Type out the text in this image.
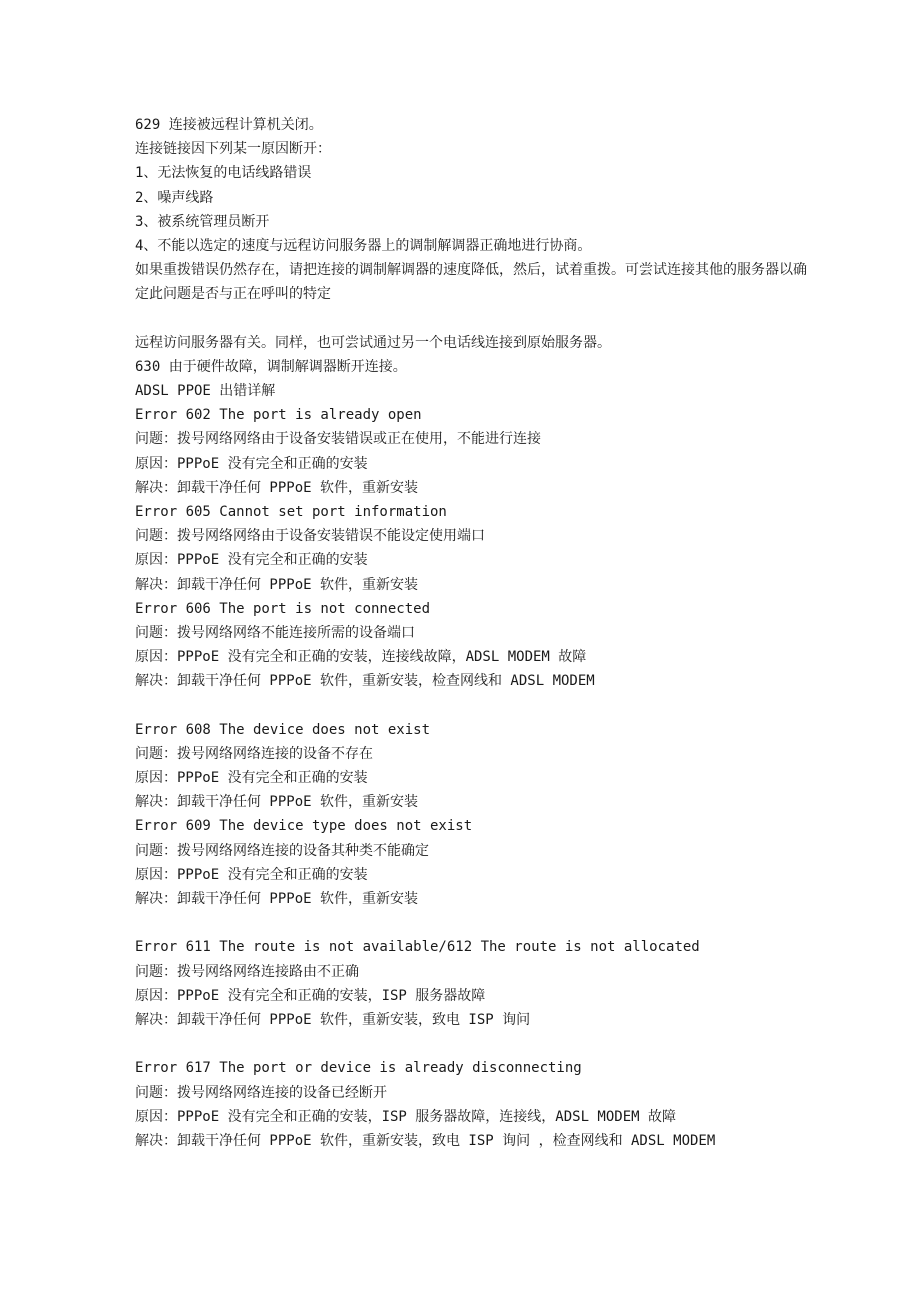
629 连接被远程计算机关闭。
连接链接因下列某一原因断开：
1、无法恢复的电话线路错误
2、噪声线路
3、被系统管理员断开
4、不能以选定的速度与远程访问服务器上的调制解调器正确地进行协商。
如果重拨错误仍然存在，请把连接的调制解调器的速度降低，然后，试着重拨。可尝试连接其他的服务器以确定此问题是否与正在呼叫的特定
远程访问服务器有关。同样，也可尝试通过另一个电话线连接到原始服务器。
630 由于硬件故障，调制解调器断开连接。
ADSL PPOE 出错详解
Error 602 The port is already open
问题：拨号网络网络由于设备安装错误或正在使用，不能进行连接
原因：PPPoE 没有完全和正确的安装
解决：卸载干净任何 PPPoE 软件，重新安装
Error 605 Cannot set port information
问题：拨号网络网络由于设备安装错误不能设定使用端口
原因：PPPoE 没有完全和正确的安装
解决：卸载干净任何 PPPoE 软件，重新安装
Error 606 The port is not connected
问题：拨号网络网络不能连接所需的设备端口
原因：PPPoE 没有完全和正确的安装，连接线故障，ADSL MODEM 故障
解决：卸载干净任何 PPPoE 软件，重新安装，检查网线和 ADSL MODEM
Error 608 The device does not exist
问题：拨号网络网络连接的设备不存在
原因：PPPoE 没有完全和正确的安装
解决：卸载干净任何 PPPoE 软件，重新安装
Error 609 The device type does not exist
问题：拨号网络网络连接的设备其种类不能确定
原因：PPPoE 没有完全和正确的安装
解决：卸载干净任何 PPPoE 软件，重新安装
Error 611 The route is not available/612 The route is not allocated
问题：拨号网络网络连接路由不正确
原因：PPPoE 没有完全和正确的安装，ISP 服务器故障
解决：卸载干净任何 PPPoE 软件，重新安装，致电 ISP 询问
Error 617 The port or device is already disconnecting
问题：拨号网络网络连接的设备已经断开
原因：PPPoE 没有完全和正确的安装，ISP 服务器故障，连接线，ADSL MODEM 故障
解决：卸载干净任何 PPPoE 软件，重新安装，致电 ISP 询问 ，检查网线和 ADSL MODEM
